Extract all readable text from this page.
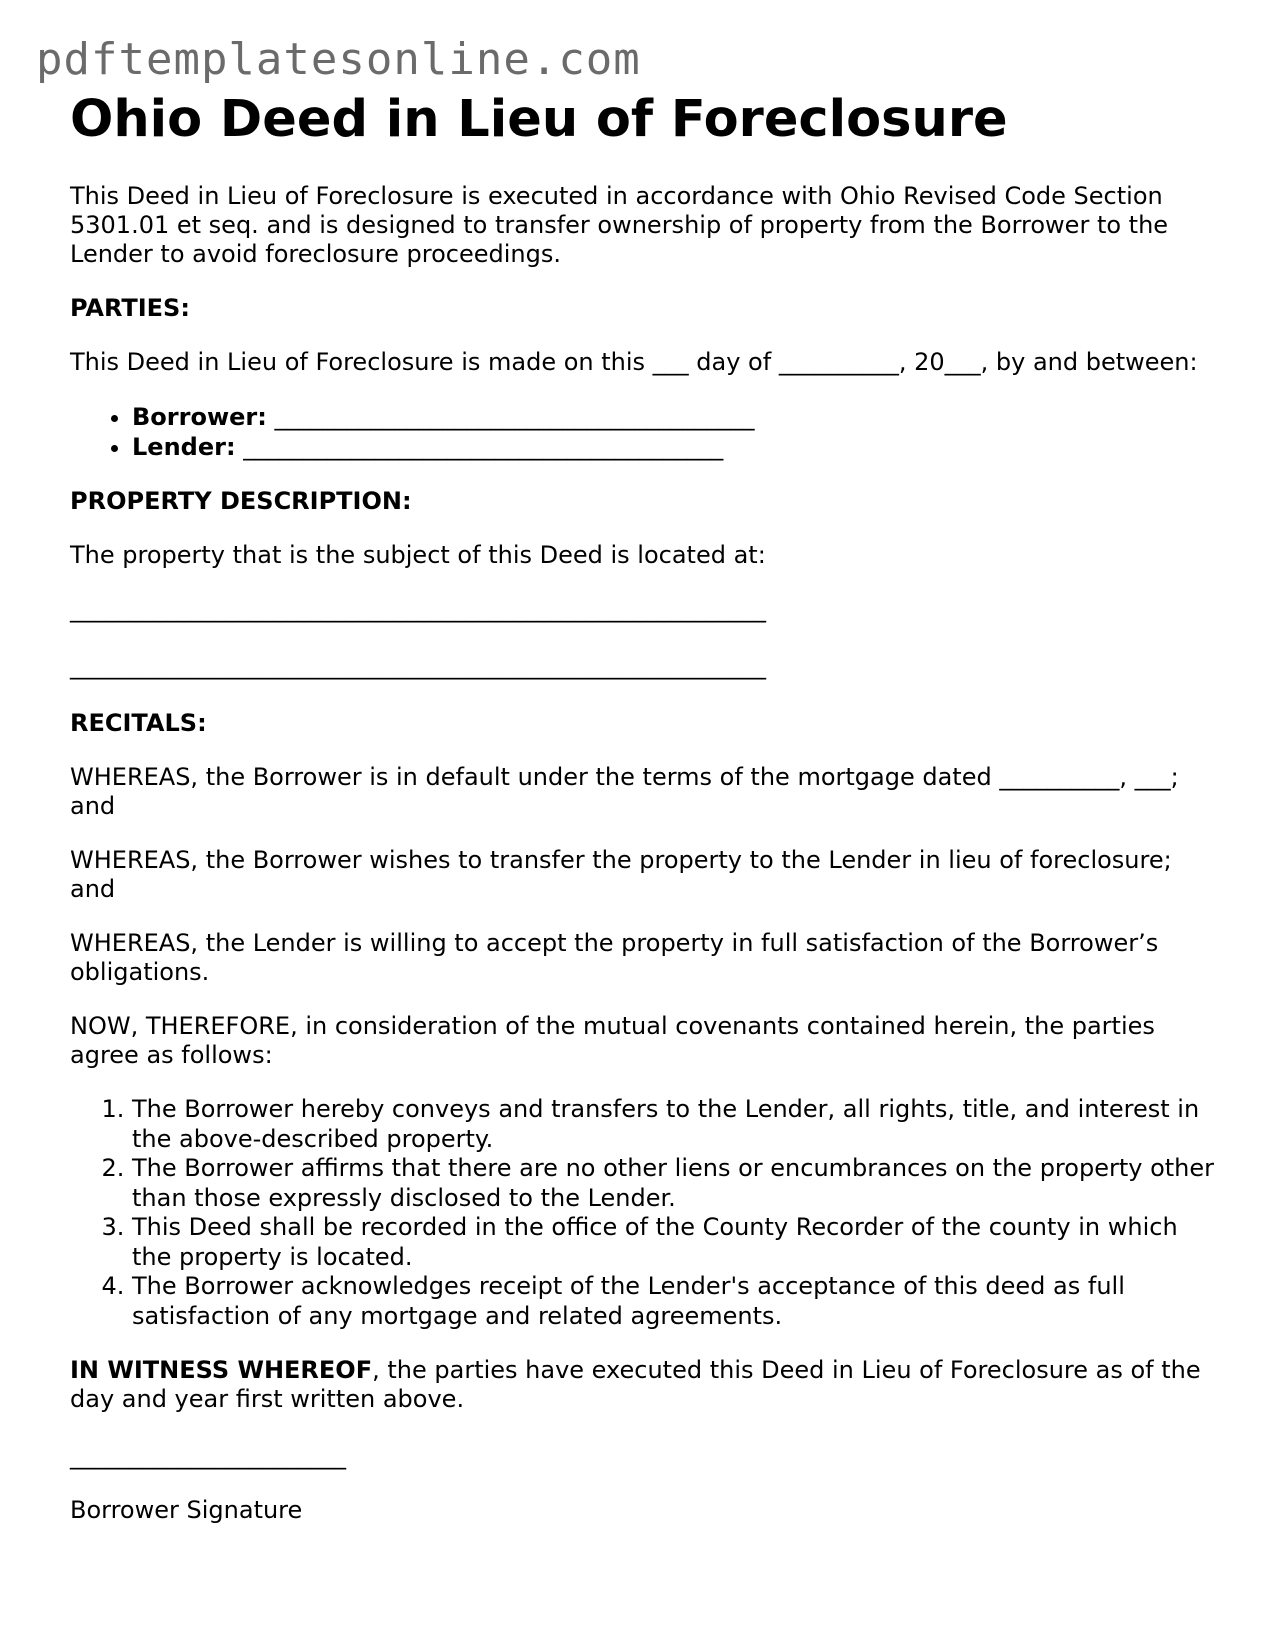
pdftemplatesonline.com
Ohio Deed in Lieu of Foreclosure

This Deed in Lieu of Foreclosure is executed in accordance with Ohio Revised Code Section 5301.01 et seq. and is designed to transfer ownership of property from the Borrower to the Lender to avoid foreclosure proceedings.

PARTIES:

This Deed in Lieu of Foreclosure is made on this ___ day of __________, 20___, by and between:

• Borrower: ________________________________________
• Lender: ________________________________________

PROPERTY DESCRIPTION:

The property that is the subject of this Deed is located at:

__________________________________________________________

__________________________________________________________

RECITALS:

WHEREAS, the Borrower is in default under the terms of the mortgage dated __________, ___; and

WHEREAS, the Borrower wishes to transfer the property to the Lender in lieu of foreclosure; and

WHEREAS, the Lender is willing to accept the property in full satisfaction of the Borrower’s obligations.

NOW, THEREFORE, in consideration of the mutual covenants contained herein, the parties agree as follows:

1. The Borrower hereby conveys and transfers to the Lender, all rights, title, and interest in the above-described property.
2. The Borrower affirms that there are no other liens or encumbrances on the property other than those expressly disclosed to the Lender.
3. This Deed shall be recorded in the office of the County Recorder of the county in which the property is located.
4. The Borrower acknowledges receipt of the Lender's acceptance of this deed as full satisfaction of any mortgage and related agreements.

IN WITNESS WHEREOF, the parties have executed this Deed in Lieu of Foreclosure as of the day and year first written above.

_______________________

Borrower Signature
